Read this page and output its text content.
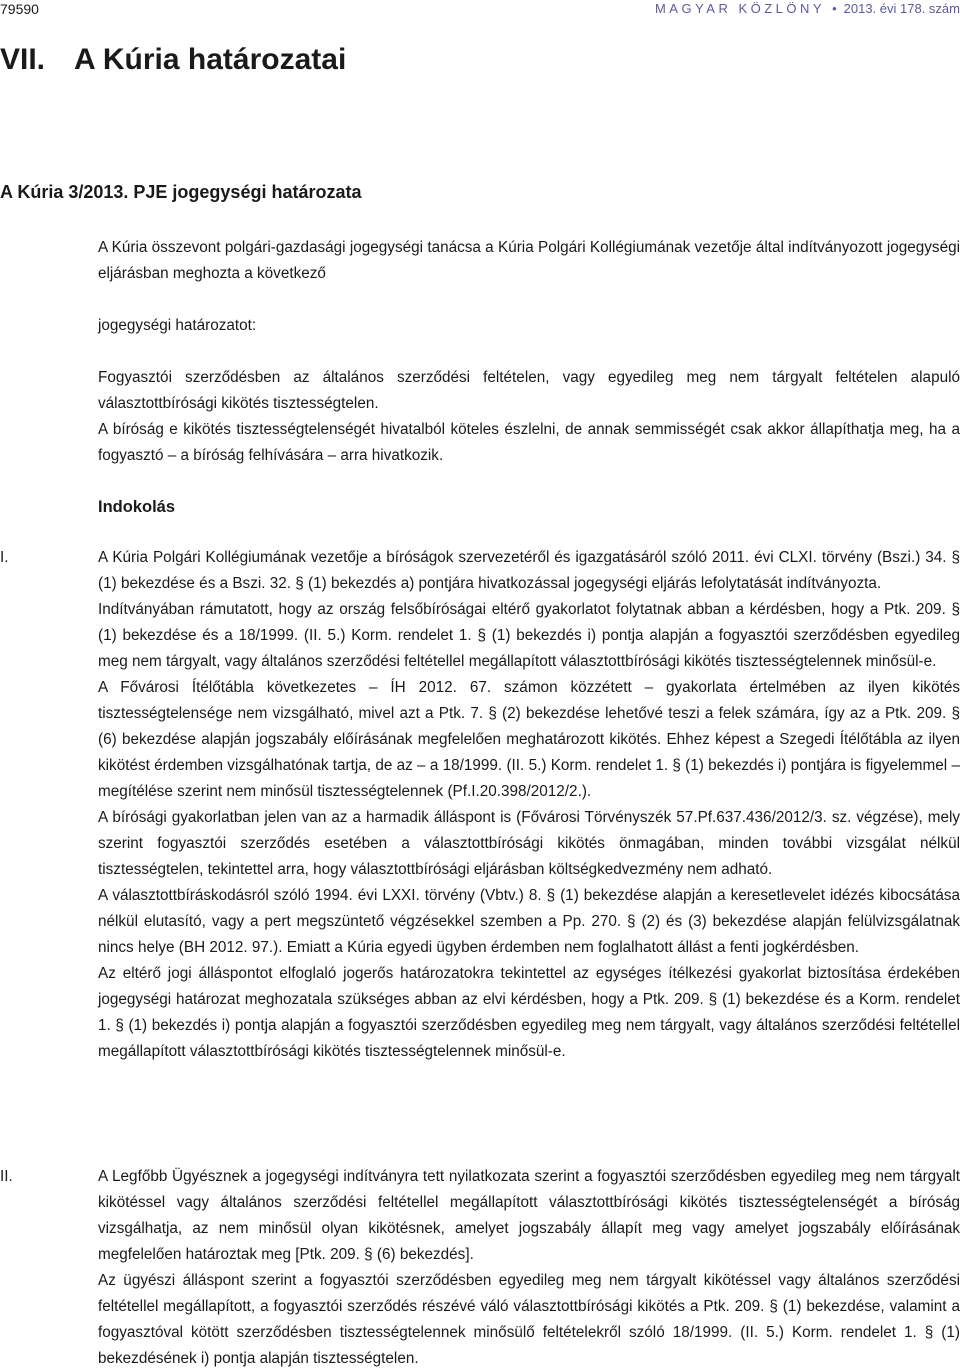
79590	MAGYAR KÖZLÖNY • 2013. évi 178. szám
VII. A Kúria határozatai
A Kúria 3/2013. PJE jogegységi határozata

A Kúria összevont polgári-gazdasági jogegységi tanácsa a Kúria Polgári Kollégiumának vezetője által indítványozott jogegységi eljárásban meghozta a következő

jogegységi határozatot:

Fogyasztói szerződésben az általános szerződési feltételen, vagy egyedileg meg nem tárgyalt feltételen alapuló választottbírósági kikötés tisztességtelen.

A bíróság e kikötés tisztességtelenségét hivatalból köteles észlelni, de annak semmisségét csak akkor állapíthatja meg, ha a fogyasztó – a bíróság felhívására – arra hivatkozik.

Indokolás

I.	A Kúria Polgári Kollégiumának vezetője a bíróságok szervezetéről és igazgatásáról szóló 2011. évi CLXI. törvény (Bszi.) 34. § (1) bekezdése és a Bszi. 32. § (1) bekezdés a) pontjára hivatkozással jogegységi eljárás lefolytatását indítványozta.

Indítványában rámutatott, hogy az ország felsőbíróságai eltérő gyakorlatot folytatnak abban a kérdésben, hogy a Ptk. 209. § (1) bekezdése és a 18/1999. (II. 5.) Korm. rendelet 1. § (1) bekezdés i) pontja alapján a fogyasztói szerződésben egyedileg meg nem tárgyalt, vagy általános szerződési feltétellel megállapított választottbírósági kikötés tisztességtelennek minősül-e.

A Fővárosi Ítélőtábla következetes – ÍH 2012. 67. számon közzétett – gyakorlata értelmében az ilyen kikötés tisztességtelensége nem vizsgálható, mivel azt a Ptk. 7. § (2) bekezdése lehetővé teszi a felek számára, így az a Ptk. 209. § (6) bekezdése alapján jogszabály előírásának megfelelően meghatározott kikötés. Ehhez képest a Szegedi Ítélőtábla az ilyen kikötést érdemben vizsgálhatónak tartja, de az – a 18/1999. (II. 5.) Korm. rendelet 1. § (1) bekezdés i) pontjára is figyelemmel – megítélése szerint nem minősül tisztességtelennek (Pf.I.20.398/2012/2.).

A bírósági gyakorlatban jelen van az a harmadik álláspont is (Fővárosi Törvényszék 57.Pf.637.436/2012/3. sz. végzése), mely szerint fogyasztói szerződés esetében a választottbírósági kikötés önmagában, minden további vizsgálat nélkül tisztességtelen, tekintettel arra, hogy választottbírósági eljárásban költségkedvezmény nem adható.

A választottbíráskodásról szóló 1994. évi LXXI. törvény (Vbtv.) 8. § (1) bekezdése alapján a keresetlevelet idézés kibocsátása nélkül elutasító, vagy a pert megszüntető végzésekkel szemben a Pp. 270. § (2) és (3) bekezdése alapján felülvizsgálatnak nincs helye (BH 2012. 97.). Emiatt a Kúria egyedi ügyben érdemben nem foglalhatott állást a fenti jogkérdésben.

Az eltérő jogi álláspontot elfoglaló jogerős határozatokra tekintettel az egységes ítélkezési gyakorlat biztosítása érdekében jogegységi határozat meghozatala szükséges abban az elvi kérdésben, hogy a Ptk. 209. § (1) bekezdése és a Korm. rendelet 1. § (1) bekezdés i) pontja alapján a fogyasztói szerződésben egyedileg meg nem tárgyalt, vagy általános szerződési feltétellel megállapított választottbírósági kikötés tisztességtelennek minősül-e.

II.	A Legfőbb Ügyésznek a jogegységi indítványra tett nyilatkozata szerint a fogyasztói szerződésben egyedileg meg nem tárgyalt kikötéssel vagy általános szerződési feltétellel megállapított választottbírósági kikötés tisztességtelenségét a bíróság vizsgálhatja, az nem minősül olyan kikötésnek, amelyet jogszabály állapít meg vagy amelyet jogszabály előírásának megfelelően határoztak meg [Ptk. 209. § (6) bekezdés].

Az ügyészi álláspont szerint a fogyasztói szerződésben egyedileg meg nem tárgyalt kikötéssel vagy általános szerződési feltétellel megállapított, a fogyasztói szerződés részévé váló választottbírósági kikötés a Ptk. 209. § (1) bekezdése, valamint a fogyasztóval kötött szerződésben tisztességtelennek minősülő feltételekről szóló 18/1999. (II. 5.) Korm. rendelet 1. § (1) bekezdésének i) pontja alapján tisztességtelen.
